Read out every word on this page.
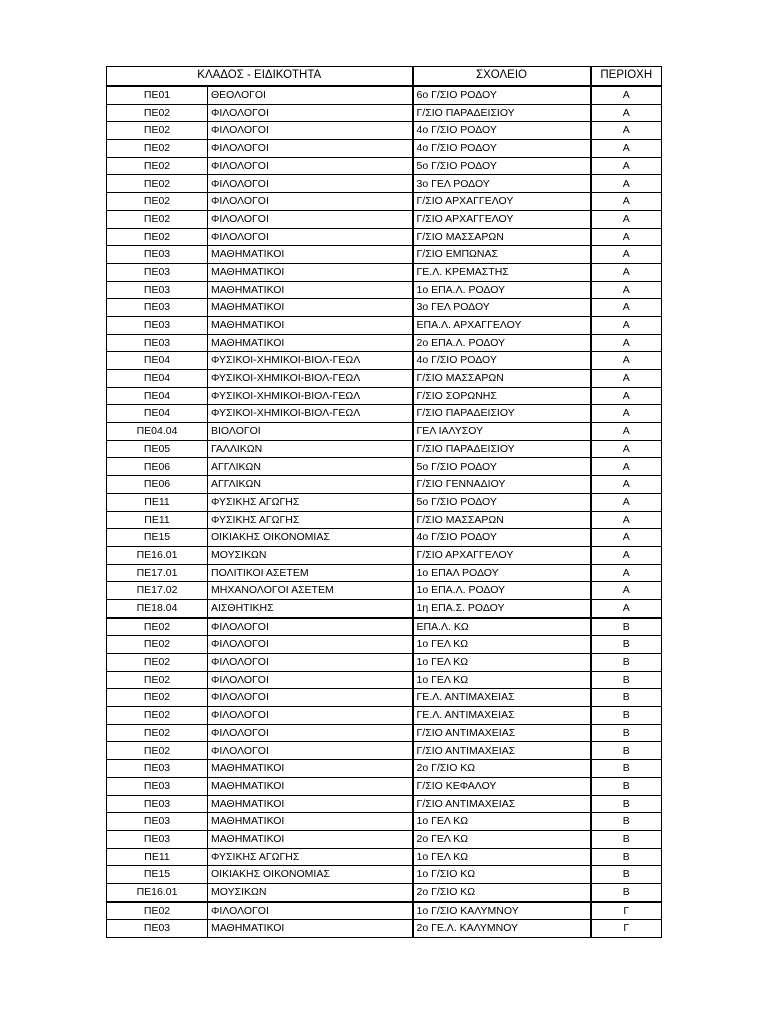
ΚΛΑΔΟΣ - ΕΙΔΙΚΟΤΗΤΑ		ΣΧΟΛΕΙΟ	ΠΕΡΙΟΧΗ
ΠΕ01	ΘΕΟΛΟΓΟΙ	6ο Γ/ΣΙΟ ΡΟΔΟΥ	Α
ΠΕ02	ΦΙΛΟΛΟΓΟΙ	Γ/ΣΙΟ ΠΑΡΑΔΕΙΣΙΟΥ	Α
ΠΕ02	ΦΙΛΟΛΟΓΟΙ	4ο Γ/ΣΙΟ ΡΟΔΟΥ	Α
ΠΕ02	ΦΙΛΟΛΟΓΟΙ	4ο Γ/ΣΙΟ ΡΟΔΟΥ	Α
ΠΕ02	ΦΙΛΟΛΟΓΟΙ	5ο Γ/ΣΙΟ ΡΟΔΟΥ	Α
ΠΕ02	ΦΙΛΟΛΟΓΟΙ	3ο ΓΕΛ ΡΟΔΟΥ	Α
ΠΕ02	ΦΙΛΟΛΟΓΟΙ	Γ/ΣΙΟ ΑΡΧΑΓΓΕΛΟΥ	Α
ΠΕ02	ΦΙΛΟΛΟΓΟΙ	Γ/ΣΙΟ ΑΡΧΑΓΓΕΛΟΥ	Α
ΠΕ02	ΦΙΛΟΛΟΓΟΙ	Γ/ΣΙΟ ΜΑΣΣΑΡΩΝ	Α
ΠΕ03	ΜΑΘΗΜΑΤΙΚΟΙ	Γ/ΣΙΟ ΕΜΠΩΝΑΣ	Α
ΠΕ03	ΜΑΘΗΜΑΤΙΚΟΙ	ΓΕ.Λ. ΚΡΕΜΑΣΤΗΣ	Α
ΠΕ03	ΜΑΘΗΜΑΤΙΚΟΙ	1ο ΕΠΑ.Λ. ΡΟΔΟΥ	Α
ΠΕ03	ΜΑΘΗΜΑΤΙΚΟΙ	3ο ΓΕΛ ΡΟΔΟΥ	Α
ΠΕ03	ΜΑΘΗΜΑΤΙΚΟΙ	ΕΠΑ.Λ. ΑΡΧΑΓΓΕΛΟΥ	Α
ΠΕ03	ΜΑΘΗΜΑΤΙΚΟΙ	2ο ΕΠΑ.Λ. ΡΟΔΟΥ	Α
ΠΕ04	ΦΥΣΙΚΟΙ-ΧΗΜΙΚΟΙ-ΒΙΟΛ-ΓΕΩΛ	4ο Γ/ΣΙΟ ΡΟΔΟΥ	Α
ΠΕ04	ΦΥΣΙΚΟΙ-ΧΗΜΙΚΟΙ-ΒΙΟΛ-ΓΕΩΛ	Γ/ΣΙΟ ΜΑΣΣΑΡΩΝ	Α
ΠΕ04	ΦΥΣΙΚΟΙ-ΧΗΜΙΚΟΙ-ΒΙΟΛ-ΓΕΩΛ	Γ/ΣΙΟ ΣΟΡΩΝΗΣ	Α
ΠΕ04	ΦΥΣΙΚΟΙ-ΧΗΜΙΚΟΙ-ΒΙΟΛ-ΓΕΩΛ	Γ/ΣΙΟ ΠΑΡΑΔΕΙΣΙΟΥ	Α
ΠΕ04.04	ΒΙΟΛΟΓΟΙ	ΓΕΛ ΙΑΛΥΣΟΥ	Α
ΠΕ05	ΓΑΛΛΙΚΩΝ	Γ/ΣΙΟ ΠΑΡΑΔΕΙΣΙΟΥ	Α
ΠΕ06	ΑΓΓΛΙΚΩΝ	5ο Γ/ΣΙΟ ΡΟΔΟΥ	Α
ΠΕ06	ΑΓΓΛΙΚΩΝ	Γ/ΣΙΟ ΓΕΝΝΑΔΙΟΥ	Α
ΠΕ11	ΦΥΣΙΚΗΣ ΑΓΩΓΗΣ	5ο Γ/ΣΙΟ ΡΟΔΟΥ	Α
ΠΕ11	ΦΥΣΙΚΗΣ ΑΓΩΓΗΣ	Γ/ΣΙΟ ΜΑΣΣΑΡΩΝ	Α
ΠΕ15	ΟΙΚΙΑΚΗΣ ΟΙΚΟΝΟΜΙΑΣ	4ο Γ/ΣΙΟ ΡΟΔΟΥ	Α
ΠΕ16.01	ΜΟΥΣΙΚΩΝ	Γ/ΣΙΟ ΑΡΧΑΓΓΕΛΟΥ	Α
ΠΕ17.01	ΠΟΛΙΤΙΚΟΙ ΑΣΕΤΕΜ	1ο ΕΠΑΛ ΡΟΔΟΥ	Α
ΠΕ17.02	ΜΗΧΑΝΟΛΟΓΟΙ ΑΣΕΤΕΜ	1ο ΕΠΑ.Λ. ΡΟΔΟΥ	Α
ΠΕ18.04	ΑΙΣΘΗΤΙΚΗΣ	1η ΕΠΑ.Σ. ΡΟΔΟΥ	Α
ΠΕ02	ΦΙΛΟΛΟΓΟΙ	ΕΠΑ.Λ. ΚΩ	Β
ΠΕ02	ΦΙΛΟΛΟΓΟΙ	1ο ΓΕΛ ΚΩ	Β
ΠΕ02	ΦΙΛΟΛΟΓΟΙ	1ο ΓΕΛ ΚΩ	Β
ΠΕ02	ΦΙΛΟΛΟΓΟΙ	1ο ΓΕΛ ΚΩ	Β
ΠΕ02	ΦΙΛΟΛΟΓΟΙ	ΓΕ.Λ. ΑΝΤΙΜΑΧΕΙΑΣ	Β
ΠΕ02	ΦΙΛΟΛΟΓΟΙ	ΓΕ.Λ. ΑΝΤΙΜΑΧΕΙΑΣ	Β
ΠΕ02	ΦΙΛΟΛΟΓΟΙ	Γ/ΣΙΟ ΑΝΤΙΜΑΧΕΙΑΣ	Β
ΠΕ02	ΦΙΛΟΛΟΓΟΙ	Γ/ΣΙΟ ΑΝΤΙΜΑΧΕΙΑΣ	Β
ΠΕ03	ΜΑΘΗΜΑΤΙΚΟΙ	2ο Γ/ΣΙΟ ΚΩ	Β
ΠΕ03	ΜΑΘΗΜΑΤΙΚΟΙ	Γ/ΣΙΟ ΚΕΦΑΛΟΥ	Β
ΠΕ03	ΜΑΘΗΜΑΤΙΚΟΙ	Γ/ΣΙΟ ΑΝΤΙΜΑΧΕΙΑΣ	Β
ΠΕ03	ΜΑΘΗΜΑΤΙΚΟΙ	1ο ΓΕΛ ΚΩ	Β
ΠΕ03	ΜΑΘΗΜΑΤΙΚΟΙ	2ο ΓΕΛ ΚΩ	Β
ΠΕ11	ΦΥΣΙΚΗΣ ΑΓΩΓΗΣ	1ο ΓΕΛ ΚΩ	Β
ΠΕ15	ΟΙΚΙΑΚΗΣ ΟΙΚΟΝΟΜΙΑΣ	1ο Γ/ΣΙΟ ΚΩ	Β
ΠΕ16.01	ΜΟΥΣΙΚΩΝ	2ο Γ/ΣΙΟ ΚΩ	Β
ΠΕ02	ΦΙΛΟΛΟΓΟΙ	1ο Γ/ΣΙΟ ΚΑΛΥΜΝΟΥ	Γ
ΠΕ03	ΜΑΘΗΜΑΤΙΚΟΙ	2ο ΓΕ.Λ. ΚΑΛΥΜΝΟΥ	Γ
